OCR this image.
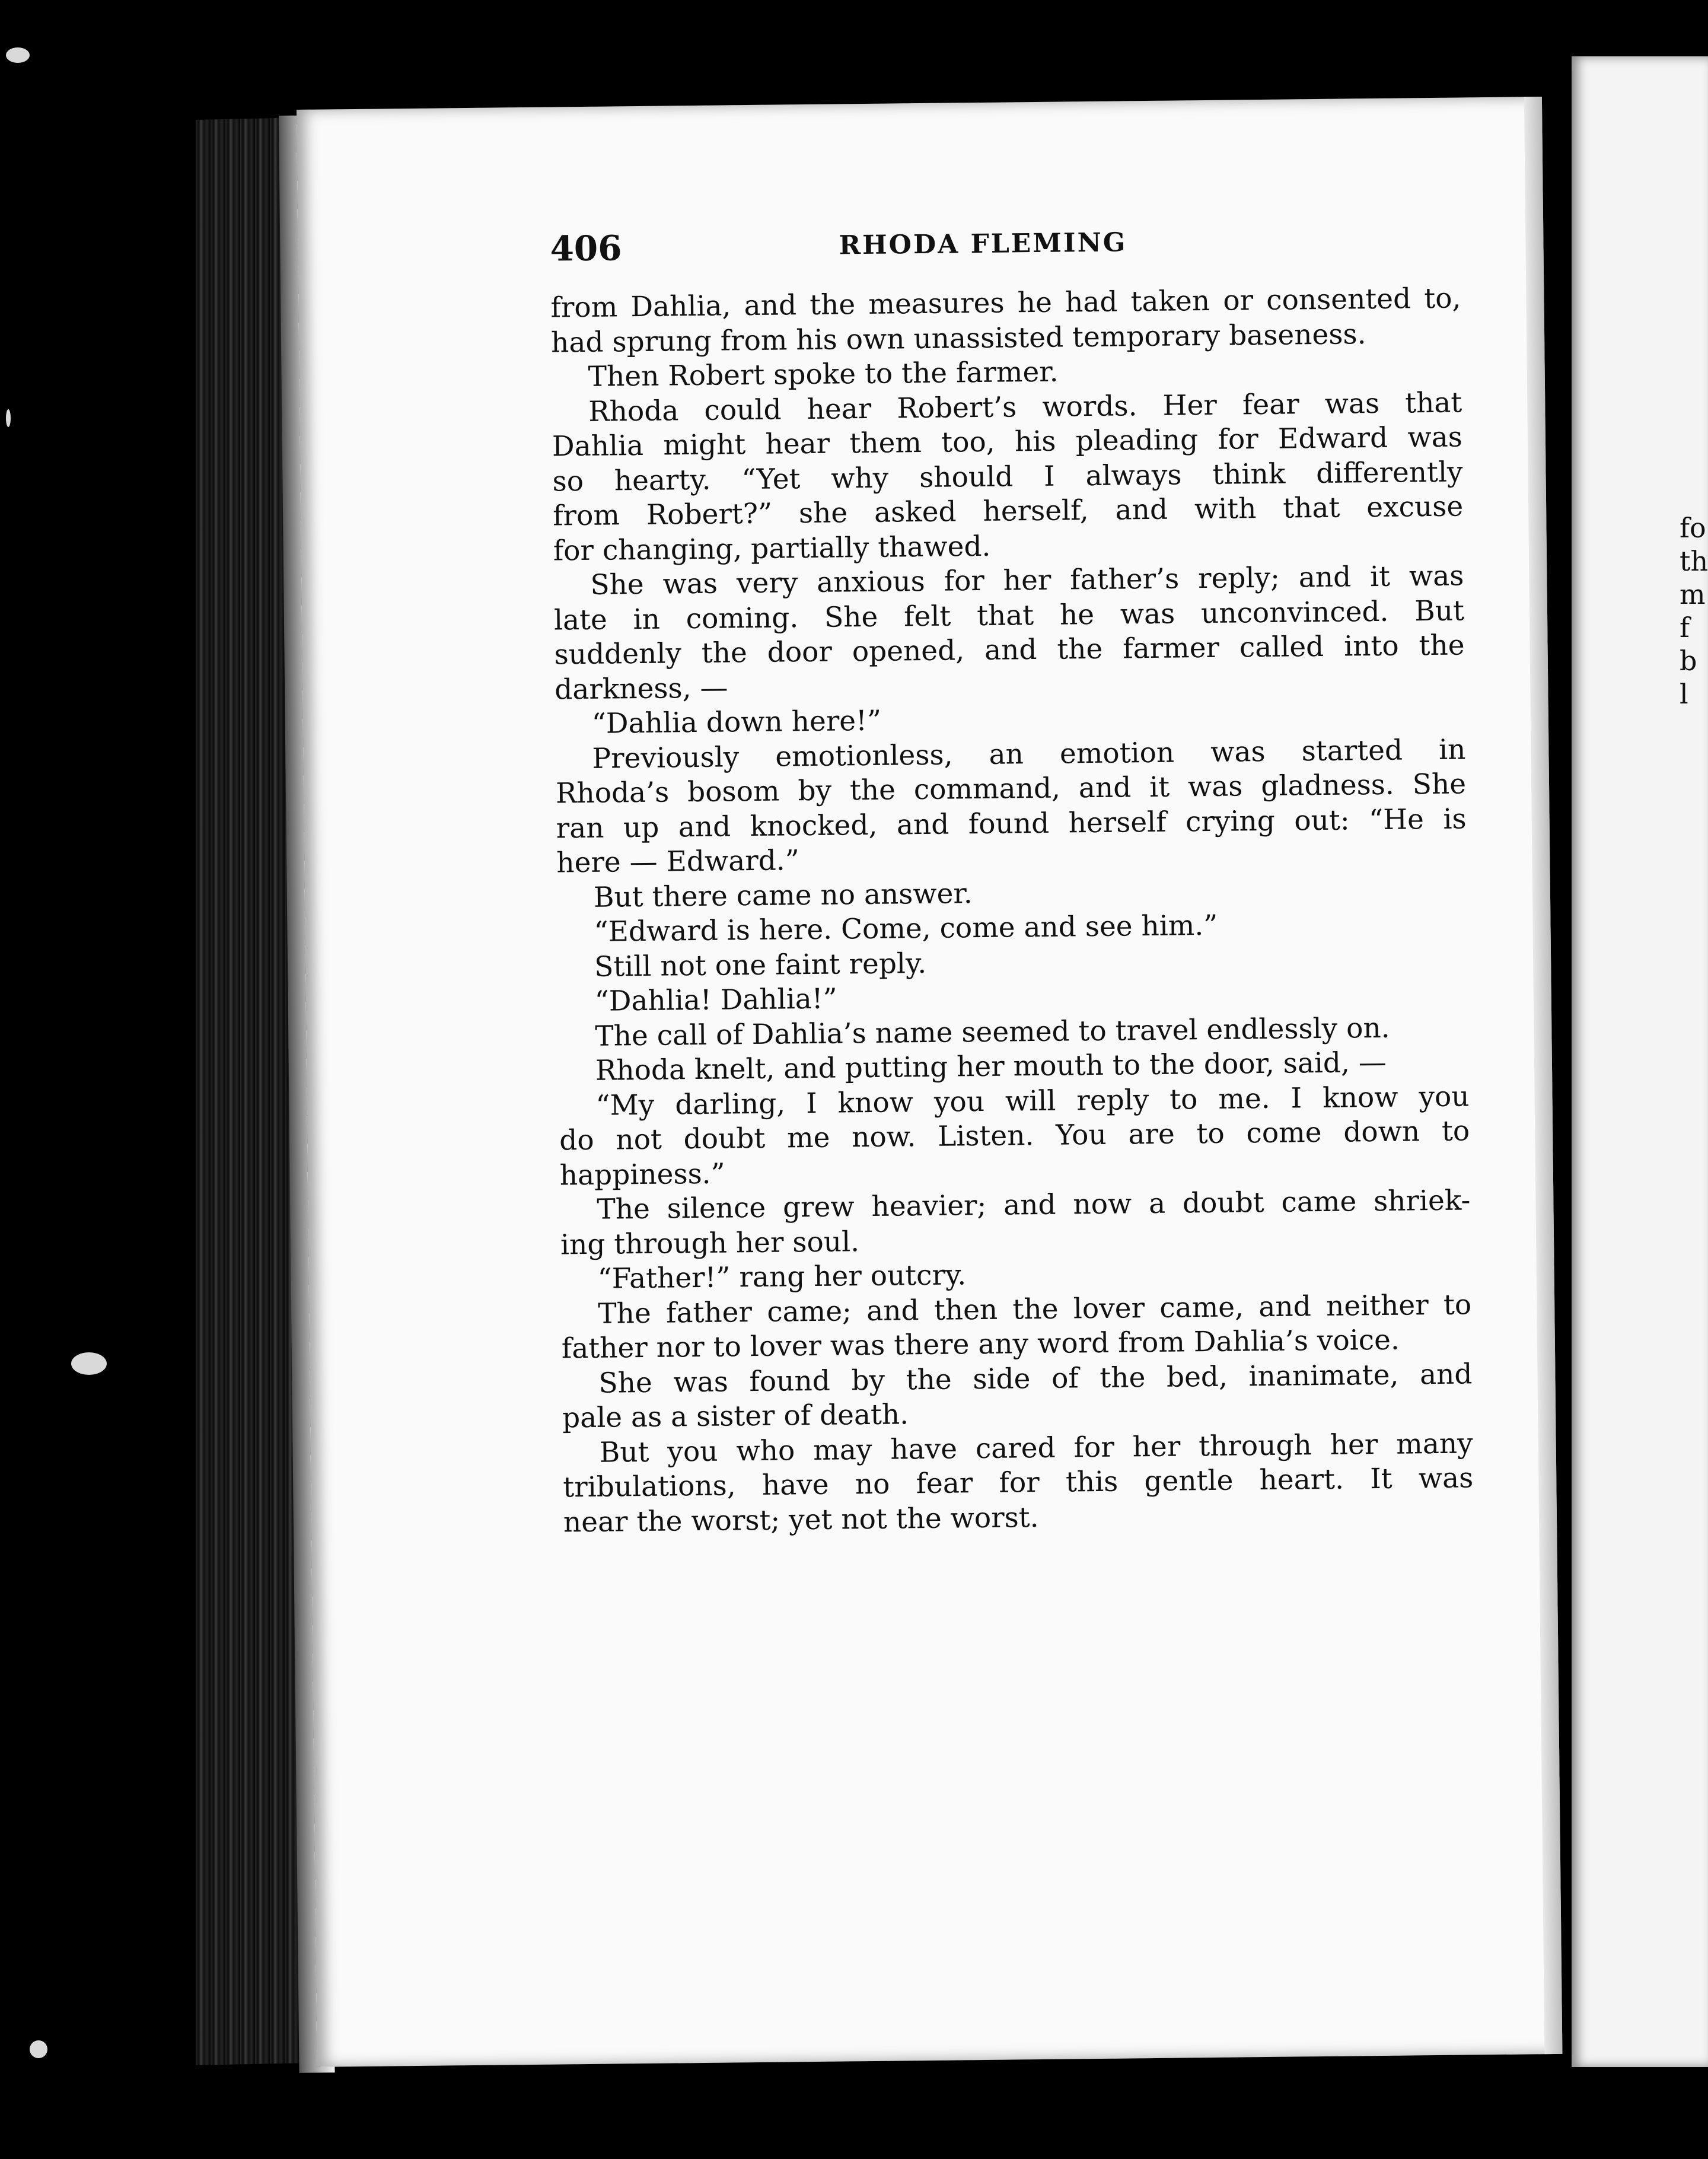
fo
th
m
f
b
l
406	RHODA FLEMING
from Dahlia, and the measures he had taken or consented to,
had sprung from his own unassisted temporary baseness.
Then Robert spoke to the farmer.
Rhoda could hear Robert’s words. Her fear was that
Dahlia might hear them too, his pleading for Edward was
so hearty. “Yet why should I always think differently
from Robert?” she asked herself, and with that excuse
for changing, partially thawed.
She was very anxious for her father’s reply; and it was
late in coming. She felt that he was unconvinced. But
suddenly the door opened, and the farmer called into the
darkness, —
“Dahlia down here!”
Previously emotionless, an emotion was started in
Rhoda’s bosom by the command, and it was gladness. She
ran up and knocked, and found herself crying out: “He is
here — Edward.”
But there came no answer.
“Edward is here. Come, come and see him.”
Still not one faint reply.
“Dahlia! Dahlia!”
The call of Dahlia’s name seemed to travel endlessly on.
Rhoda knelt, and putting her mouth to the door, said, —
“My darling, I know you will reply to me. I know you
do not doubt me now. Listen. You are to come down to
happiness.”
The silence grew heavier; and now a doubt came shriek-
ing through her soul.
“Father!” rang her outcry.
The father came; and then the lover came, and neither to
father nor to lover was there any word from Dahlia’s voice.
She was found by the side of the bed, inanimate, and
pale as a sister of death.
But you who may have cared for her through her many
tribulations, have no fear for this gentle heart. It was
near the worst; yet not the worst.
